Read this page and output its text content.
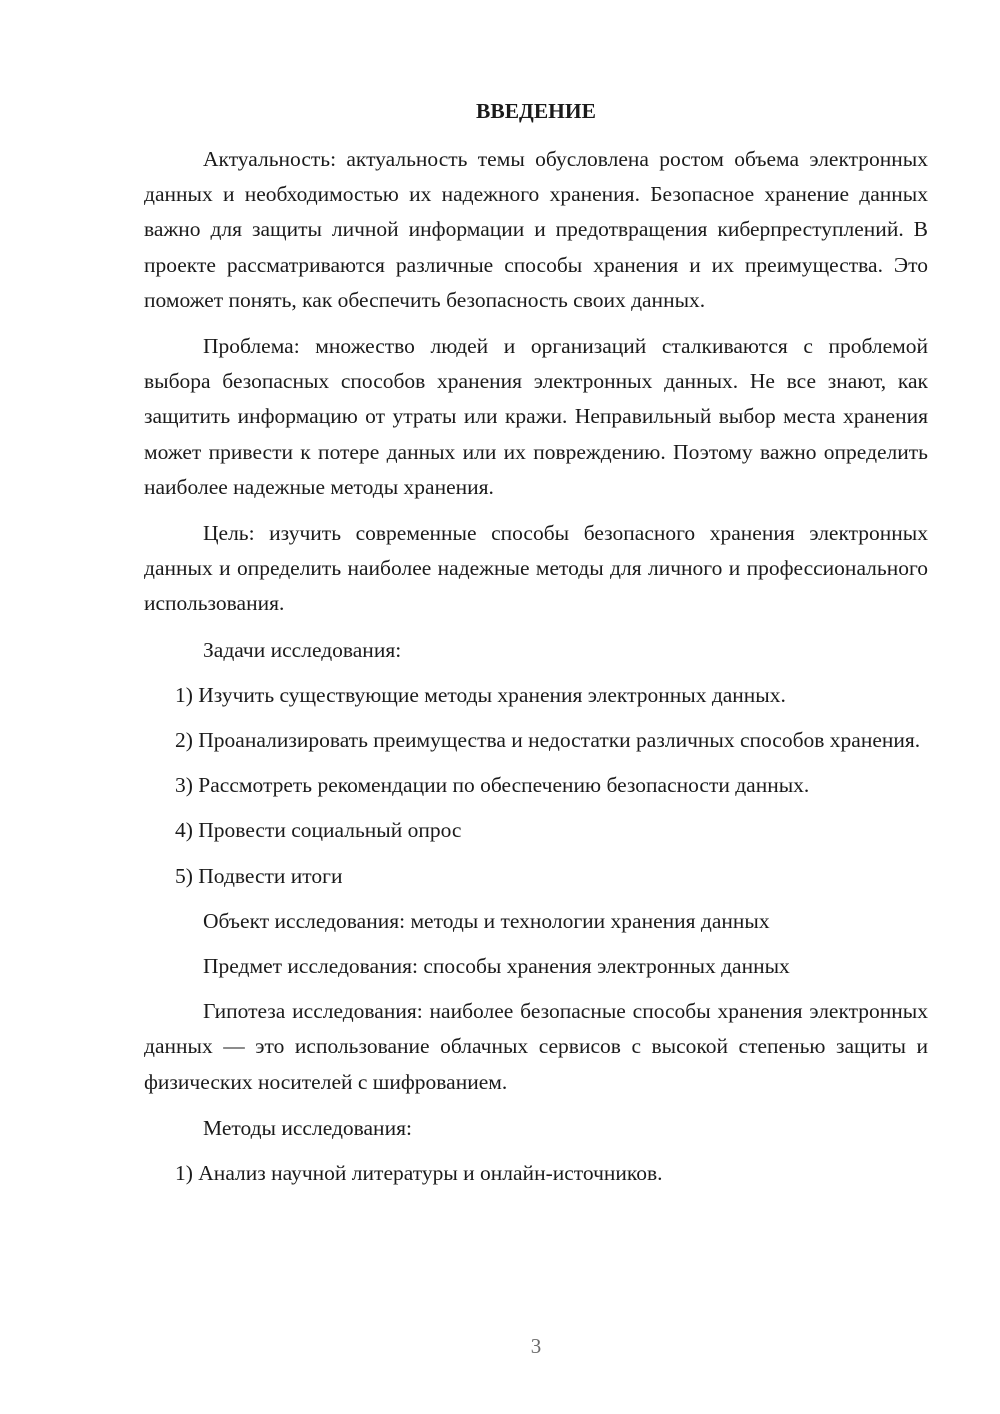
ВВЕДЕНИЕ

Актуальность: актуальность темы обусловлена ростом объема электронных данных и необходимостью их надежного хранения. Безопасное хранение данных важно для защиты личной информации и предотвращения киберпреступлений. В проекте рассматриваются различные способы хранения и их преимущества. Это поможет понять, как обеспечить безопасность своих данных.

Проблема: множество людей и организаций сталкиваются с проблемой выбора безопасных способов хранения электронных данных. Не все знают, как защитить информацию от утраты или кражи. Неправильный выбор места хранения может привести к потере данных или их повреждению. Поэтому важно определить наиболее надежные методы хранения.

Цель: изучить современные способы безопасного хранения электронных данных и определить наиболее надежные методы для личного и профессионального использования.

Задачи исследования:

1) Изучить существующие методы хранения электронных данных.

2) Проанализировать преимущества и недостатки различных способов хранения.

3) Рассмотреть рекомендации по обеспечению безопасности данных.

4) Провести социальный опрос

5) Подвести итоги

Объект исследования: методы и технологии хранения данных

Предмет исследования: способы хранения электронных данных

Гипотеза исследования: наиболее безопасные способы хранения электронных данных — это использование облачных сервисов с высокой степенью защиты и физических носителей с шифрованием.

Методы исследования:

1) Анализ научной литературы и онлайн-источников.

3
